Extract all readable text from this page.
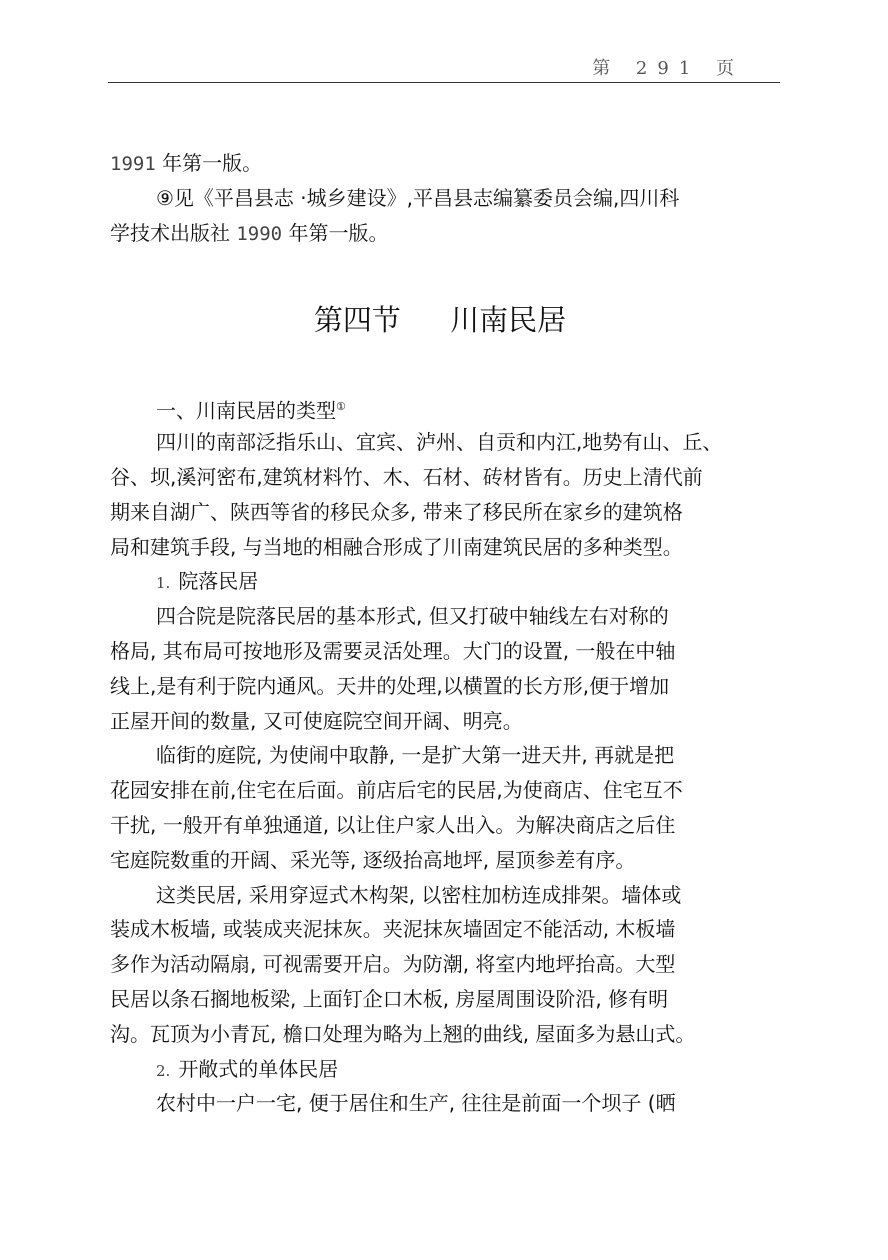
第 291 页
1991 年第一版。
⑨见《平昌县志 ·城乡建设》,平昌县志编纂委员会编,四川科
学技术出版社 1990 年第一版。
第四节 川南民居
一、川南民居的类型①
四川的南部泛指乐山、宜宾、泸州、自贡和内江,地势有山、丘、
谷、坝,溪河密布,建筑材料竹、木、石材、砖材皆有。历史上清代前
期来自湖广、陕西等省的移民众多, 带来了移民所在家乡的建筑格
局和建筑手段, 与当地的相融合形成了川南建筑民居的多种类型。
1. 院落民居
四合院是院落民居的基本形式, 但又打破中轴线左右对称的
格局, 其布局可按地形及需要灵活处理。大门的设置, 一般在中轴
线上,是有利于院内通风。天井的处理,以横置的长方形,便于增加
正屋开间的数量, 又可使庭院空间开阔、明亮。
临街的庭院, 为使闹中取静, 一是扩大第一进天井, 再就是把
花园安排在前,住宅在后面。前店后宅的民居,为使商店、住宅互不
干扰, 一般开有单独通道, 以让住户家人出入。为解决商店之后住
宅庭院数重的开阔、采光等, 逐级抬高地坪, 屋顶参差有序。
这类民居, 采用穿逗式木构架, 以密柱加枋连成排架。墙体或
装成木板墙, 或装成夹泥抹灰。夹泥抹灰墙固定不能活动, 木板墙
多作为活动隔扇, 可视需要开启。为防潮, 将室内地坪抬高。大型
民居以条石搁地板梁, 上面钉企口木板, 房屋周围设阶沿, 修有明
沟。瓦顶为小青瓦, 檐口处理为略为上翘的曲线, 屋面多为悬山式。
2. 开敞式的单体民居
农村中一户一宅, 便于居住和生产, 往往是前面一个坝子 (晒
